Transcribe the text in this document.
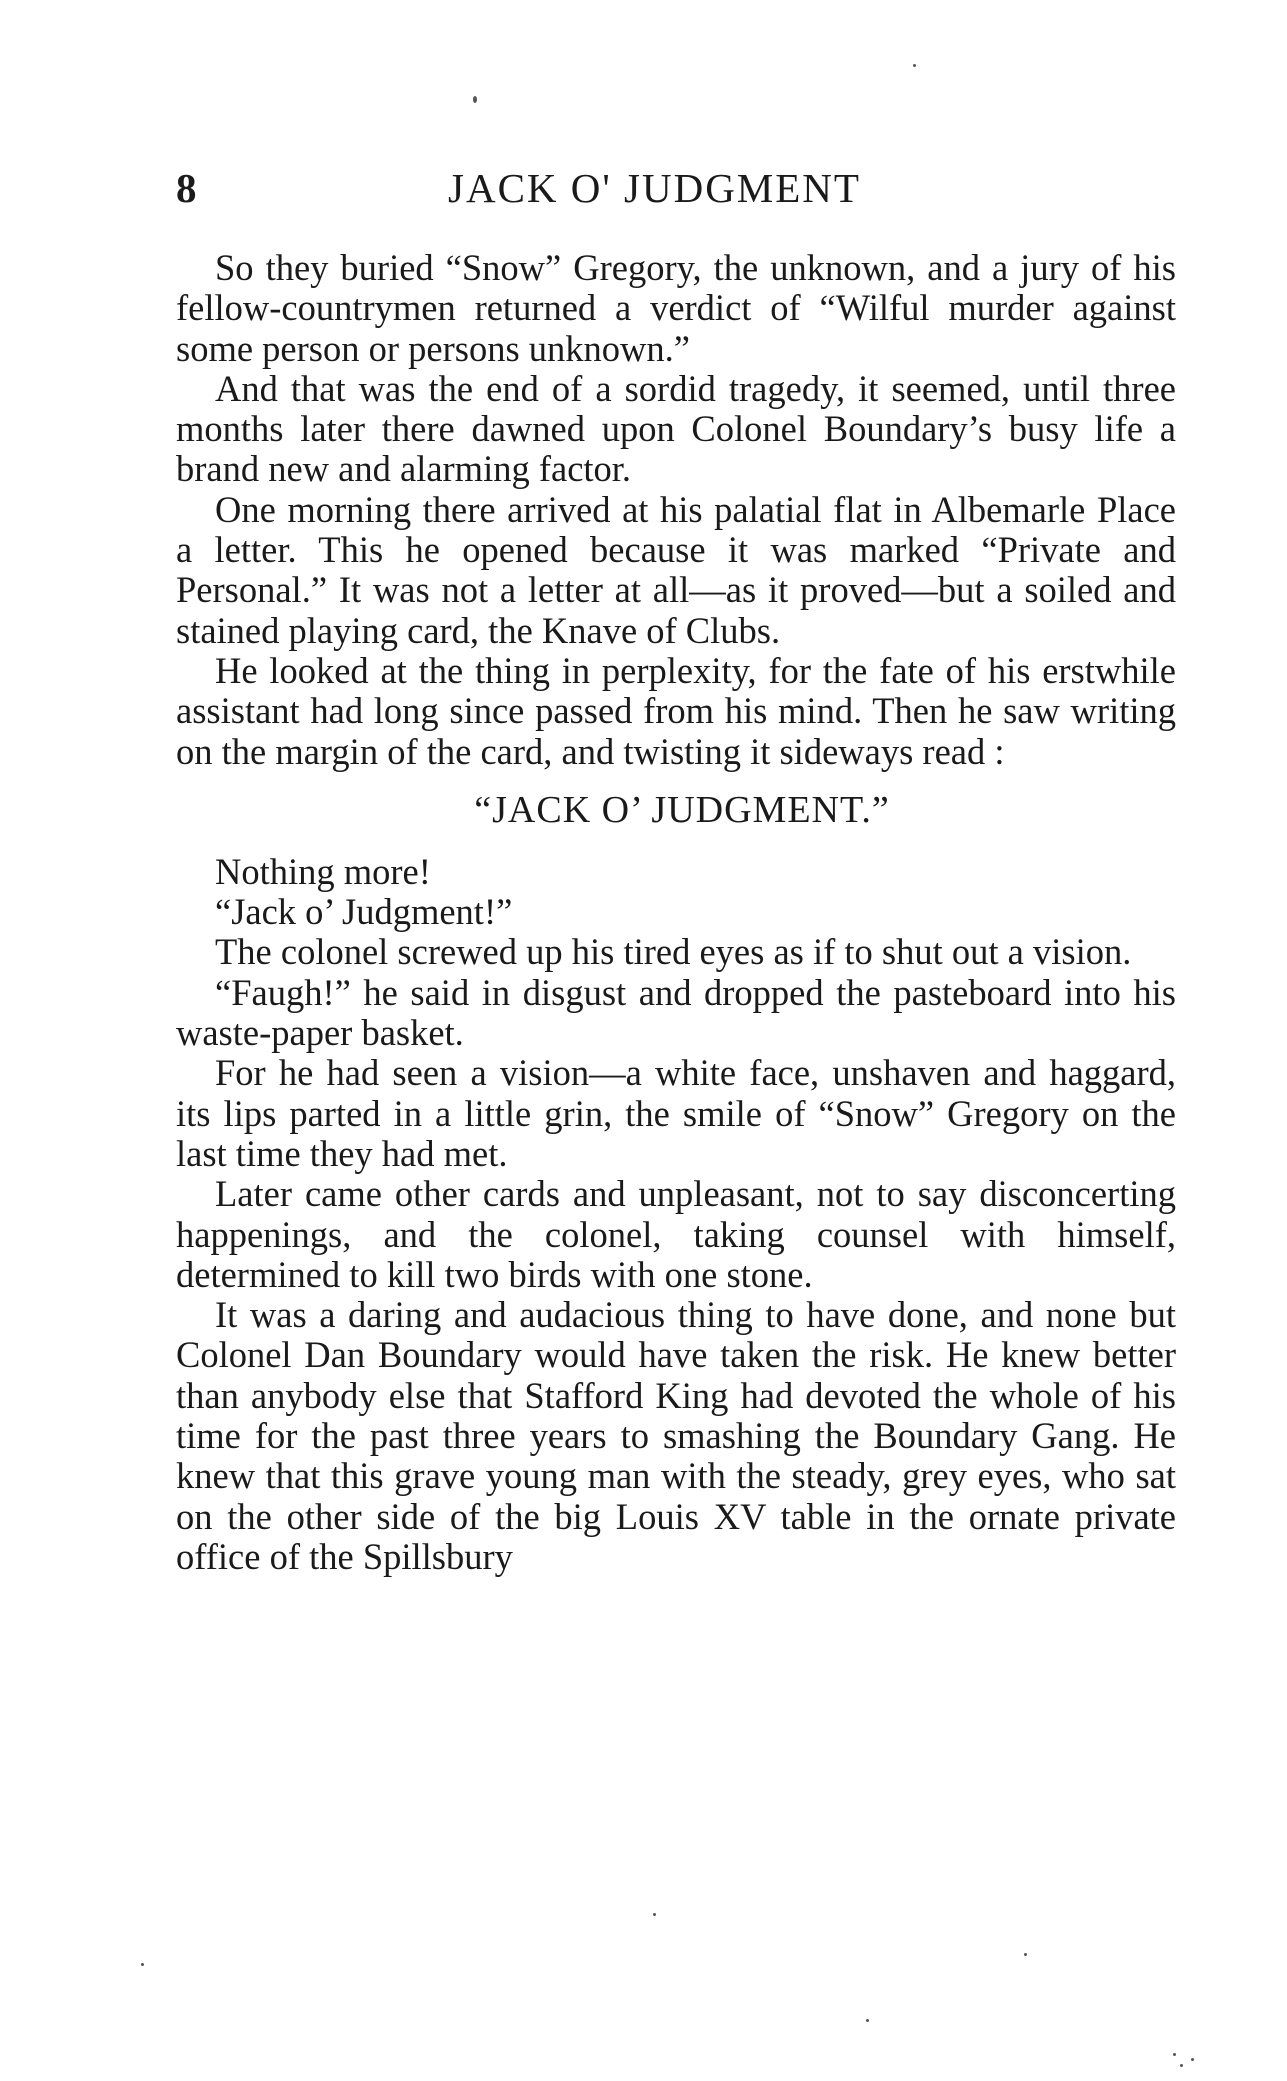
8	JACK O' JUDGMENT

So they buried “Snow” Gregory, the unknown, and a jury of his fellow-countrymen returned a verdict of “Wilful murder against some person or persons unknown.”

And that was the end of a sordid tragedy, it seemed, until three months later there dawned upon Colonel Boundary’s busy life a brand new and alarming factor.

One morning there arrived at his palatial flat in Albemarle Place a letter. This he opened because it was marked “Private and Personal.” It was not a letter at all—as it proved—but a soiled and stained playing card, the Knave of Clubs.

He looked at the thing in perplexity, for the fate of his erstwhile assistant had long since passed from his mind. Then he saw writing on the margin of the card, and twisting it sideways read :

“JACK O’ JUDGMENT.”

Nothing more!

“Jack o’ Judgment!”

The colonel screwed up his tired eyes as if to shut out a vision.

“Faugh!” he said in disgust and dropped the pasteboard into his waste-paper basket.

For he had seen a vision—a white face, unshaven and haggard, its lips parted in a little grin, the smile of “Snow” Gregory on the last time they had met.

Later came other cards and unpleasant, not to say disconcerting happenings, and the colonel, taking counsel with himself, determined to kill two birds with one stone.

It was a daring and audacious thing to have done, and none but Colonel Dan Boundary would have taken the risk. He knew better than anybody else that Stafford King had devoted the whole of his time for the past three years to smashing the Boundary Gang. He knew that this grave young man with the steady, grey eyes, who sat on the other side of the big Louis XV table in the ornate private office of the Spillsbury
